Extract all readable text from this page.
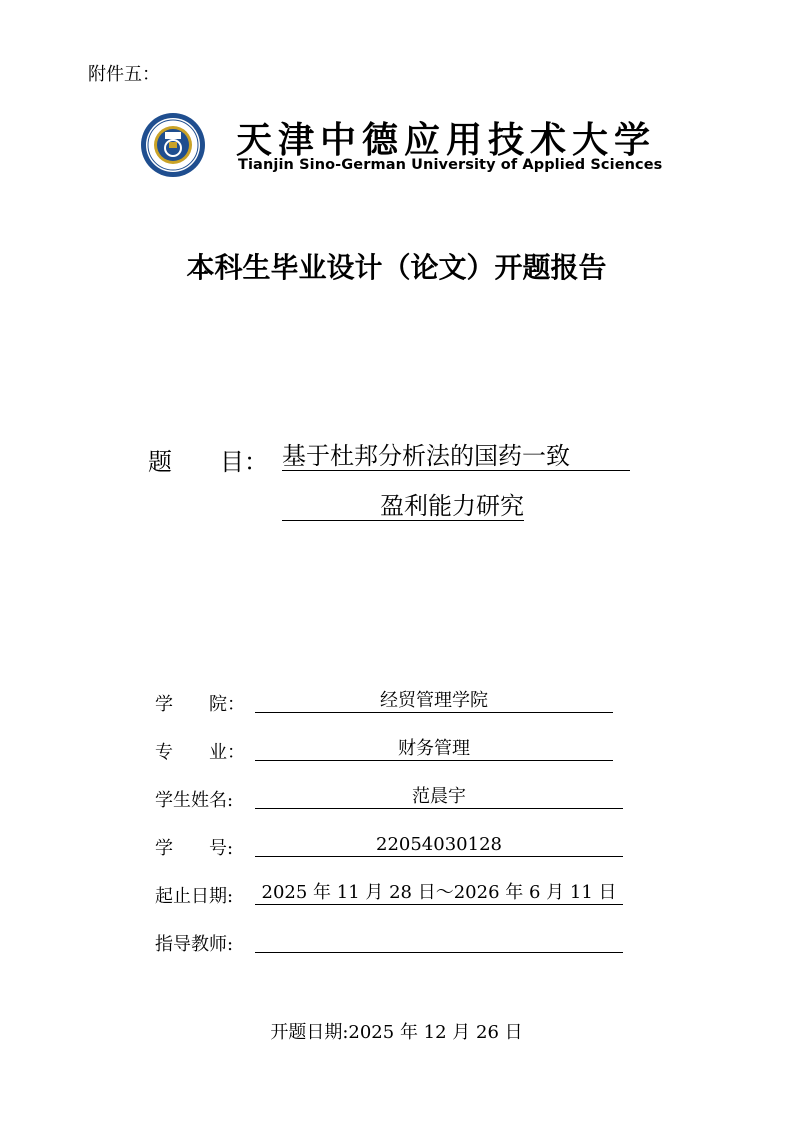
附件五：
天津中德应用技术大学
Tianjin Sino-German University of Applied Sciences
本科生毕业设计（论文）开题报告
题 目： 基于杜邦分析法的国药一致
盈利能力研究
学　　院：	经贸管理学院
专　　业：	财务管理
学生姓名:	范晨宇
学　　号:	22054030128
起止日期:	2025 年 11 月 28 日～2026 年 6 月 11 日
指导教师:
开题日期:2025 年 12 月 26 日
